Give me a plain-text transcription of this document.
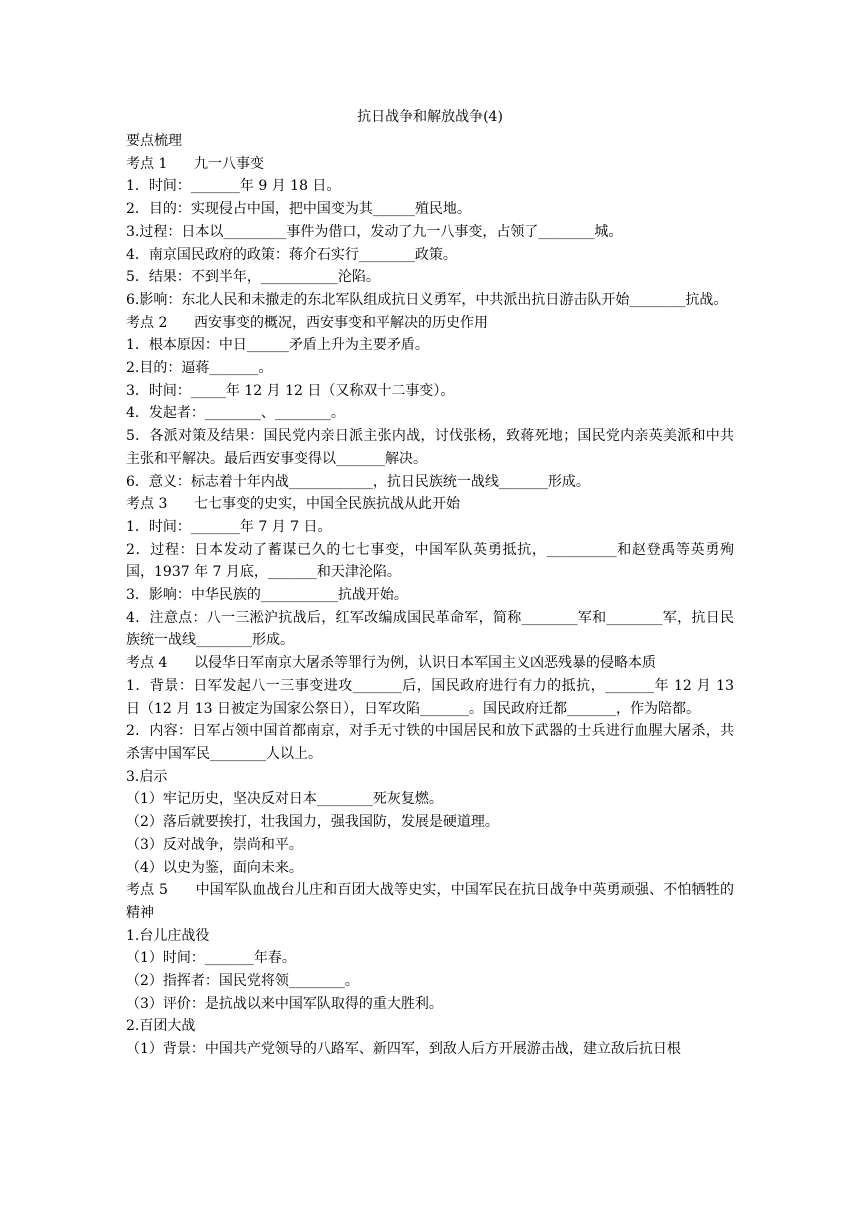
抗日战争和解放战争(4)
要点梳理
考点 1      九一八事变
1．时间：_______年 9 月 18 日。
2．目的：实现侵占中国，把中国变为其______殖民地。
3.过程：日本以_________事件为借口，发动了九一八事变，占领了________城。
4．南京国民政府的政策：蒋介石实行________政策。
5．结果：不到半年，___________沦陷。
6.影响：东北人民和未撤走的东北军队组成抗日义勇军，中共派出抗日游击队开始________抗战。
考点 2      西安事变的概况，西安事变和平解决的历史作用
1．根本原因：中日______矛盾上升为主要矛盾。
2.目的：逼蒋_______。
3．时间：_____年 12 月 12 日（又称双十二事变）。
4．发起者：________、________。
5．各派对策及结果：国民党内亲日派主张内战，讨伐张杨，致蒋死地；国民党内亲英美派和中共主张和平解决。最后西安事变得以_______解决。
6．意义：标志着十年内战____________，抗日民族统一战线_______形成。
考点 3      七七事变的史实，中国全民族抗战从此开始
1．时间：_______年 7 月 7 日。
2．过程：日本发动了蓄谋已久的七七事变，中国军队英勇抵抗，__________和赵登禹等英勇殉国，1937 年 7 月底，_______和天津沦陷。
3．影响：中华民族的___________抗战开始。
4．注意点：八一三淞沪抗战后，红军改编成国民革命军，简称________军和________军，抗日民族统一战线________形成。
考点 4      以侵华日军南京大屠杀等罪行为例，认识日本军国主义凶恶残暴的侵略本质
1．背景：日军发起八一三事变进攻_______后，国民政府进行有力的抵抗，_______年 12 月 13 日（12 月 13 日被定为国家公祭日），日军攻陷_______。国民政府迁都_______，作为陪都。
2．内容：日军占领中国首都南京，对手无寸铁的中国居民和放下武器的士兵进行血腥大屠杀，共杀害中国军民________人以上。
3.启示
（1）牢记历史，坚决反对日本________死灰复燃。
（2）落后就要挨打，壮我国力，强我国防，发展是硬道理。
（3）反对战争，崇尚和平。
（4）以史为鉴，面向未来。
考点 5      中国军队血战台儿庄和百团大战等史实，中国军民在抗日战争中英勇顽强、不怕牺牲的精神
1.台儿庄战役
（1）时间：_______年春。
（2）指挥者：国民党将领________。
（3）评价：是抗战以来中国军队取得的重大胜利。
2.百团大战
（1）背景：中国共产党领导的八路军、新四军，到敌人后方开展游击战，建立敌后抗日根
